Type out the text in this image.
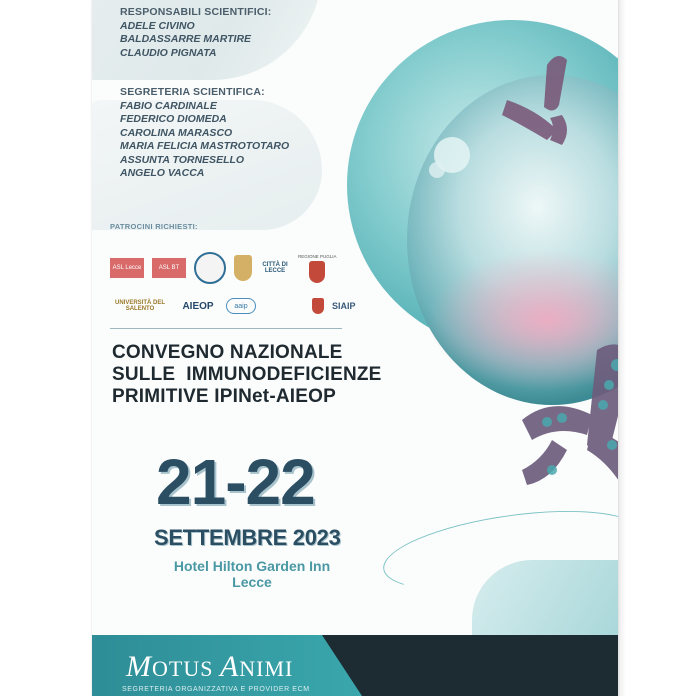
RESPONSABILI SCIENTIFICI:
ADELE CIVINO
BALDASSARRE MARTIRE
CLAUDIO PIGNATA
SEGRETERIA SCIENTIFICA:
FABIO CARDINALE
FEDERICO DIOMEDA
CAROLINA MARASCO
MARIA FELICIA MASTROTOTARO
ASSUNTA TORNESELLO
ANGELO VACCA
PATROCINI RICHIESTI:
ASL Lecce	ASL BT	CITTÀ DI LECCE
REGIONE PUGLIA
UNIVERSITÀ DEL SALENTO	AIEOP	aaip	SIAIP
CONVEGNO NAZIONALE
SULLE  IMMUNODEFICIENZE
PRIMITIVE IPINet-AIEOP
21-22
SETTEMBRE 2023
Hotel Hilton Garden Inn
Lecce
MOTUS ANIMI
SEGRETERIA ORGANIZZATIVA E PROVIDER ECM
